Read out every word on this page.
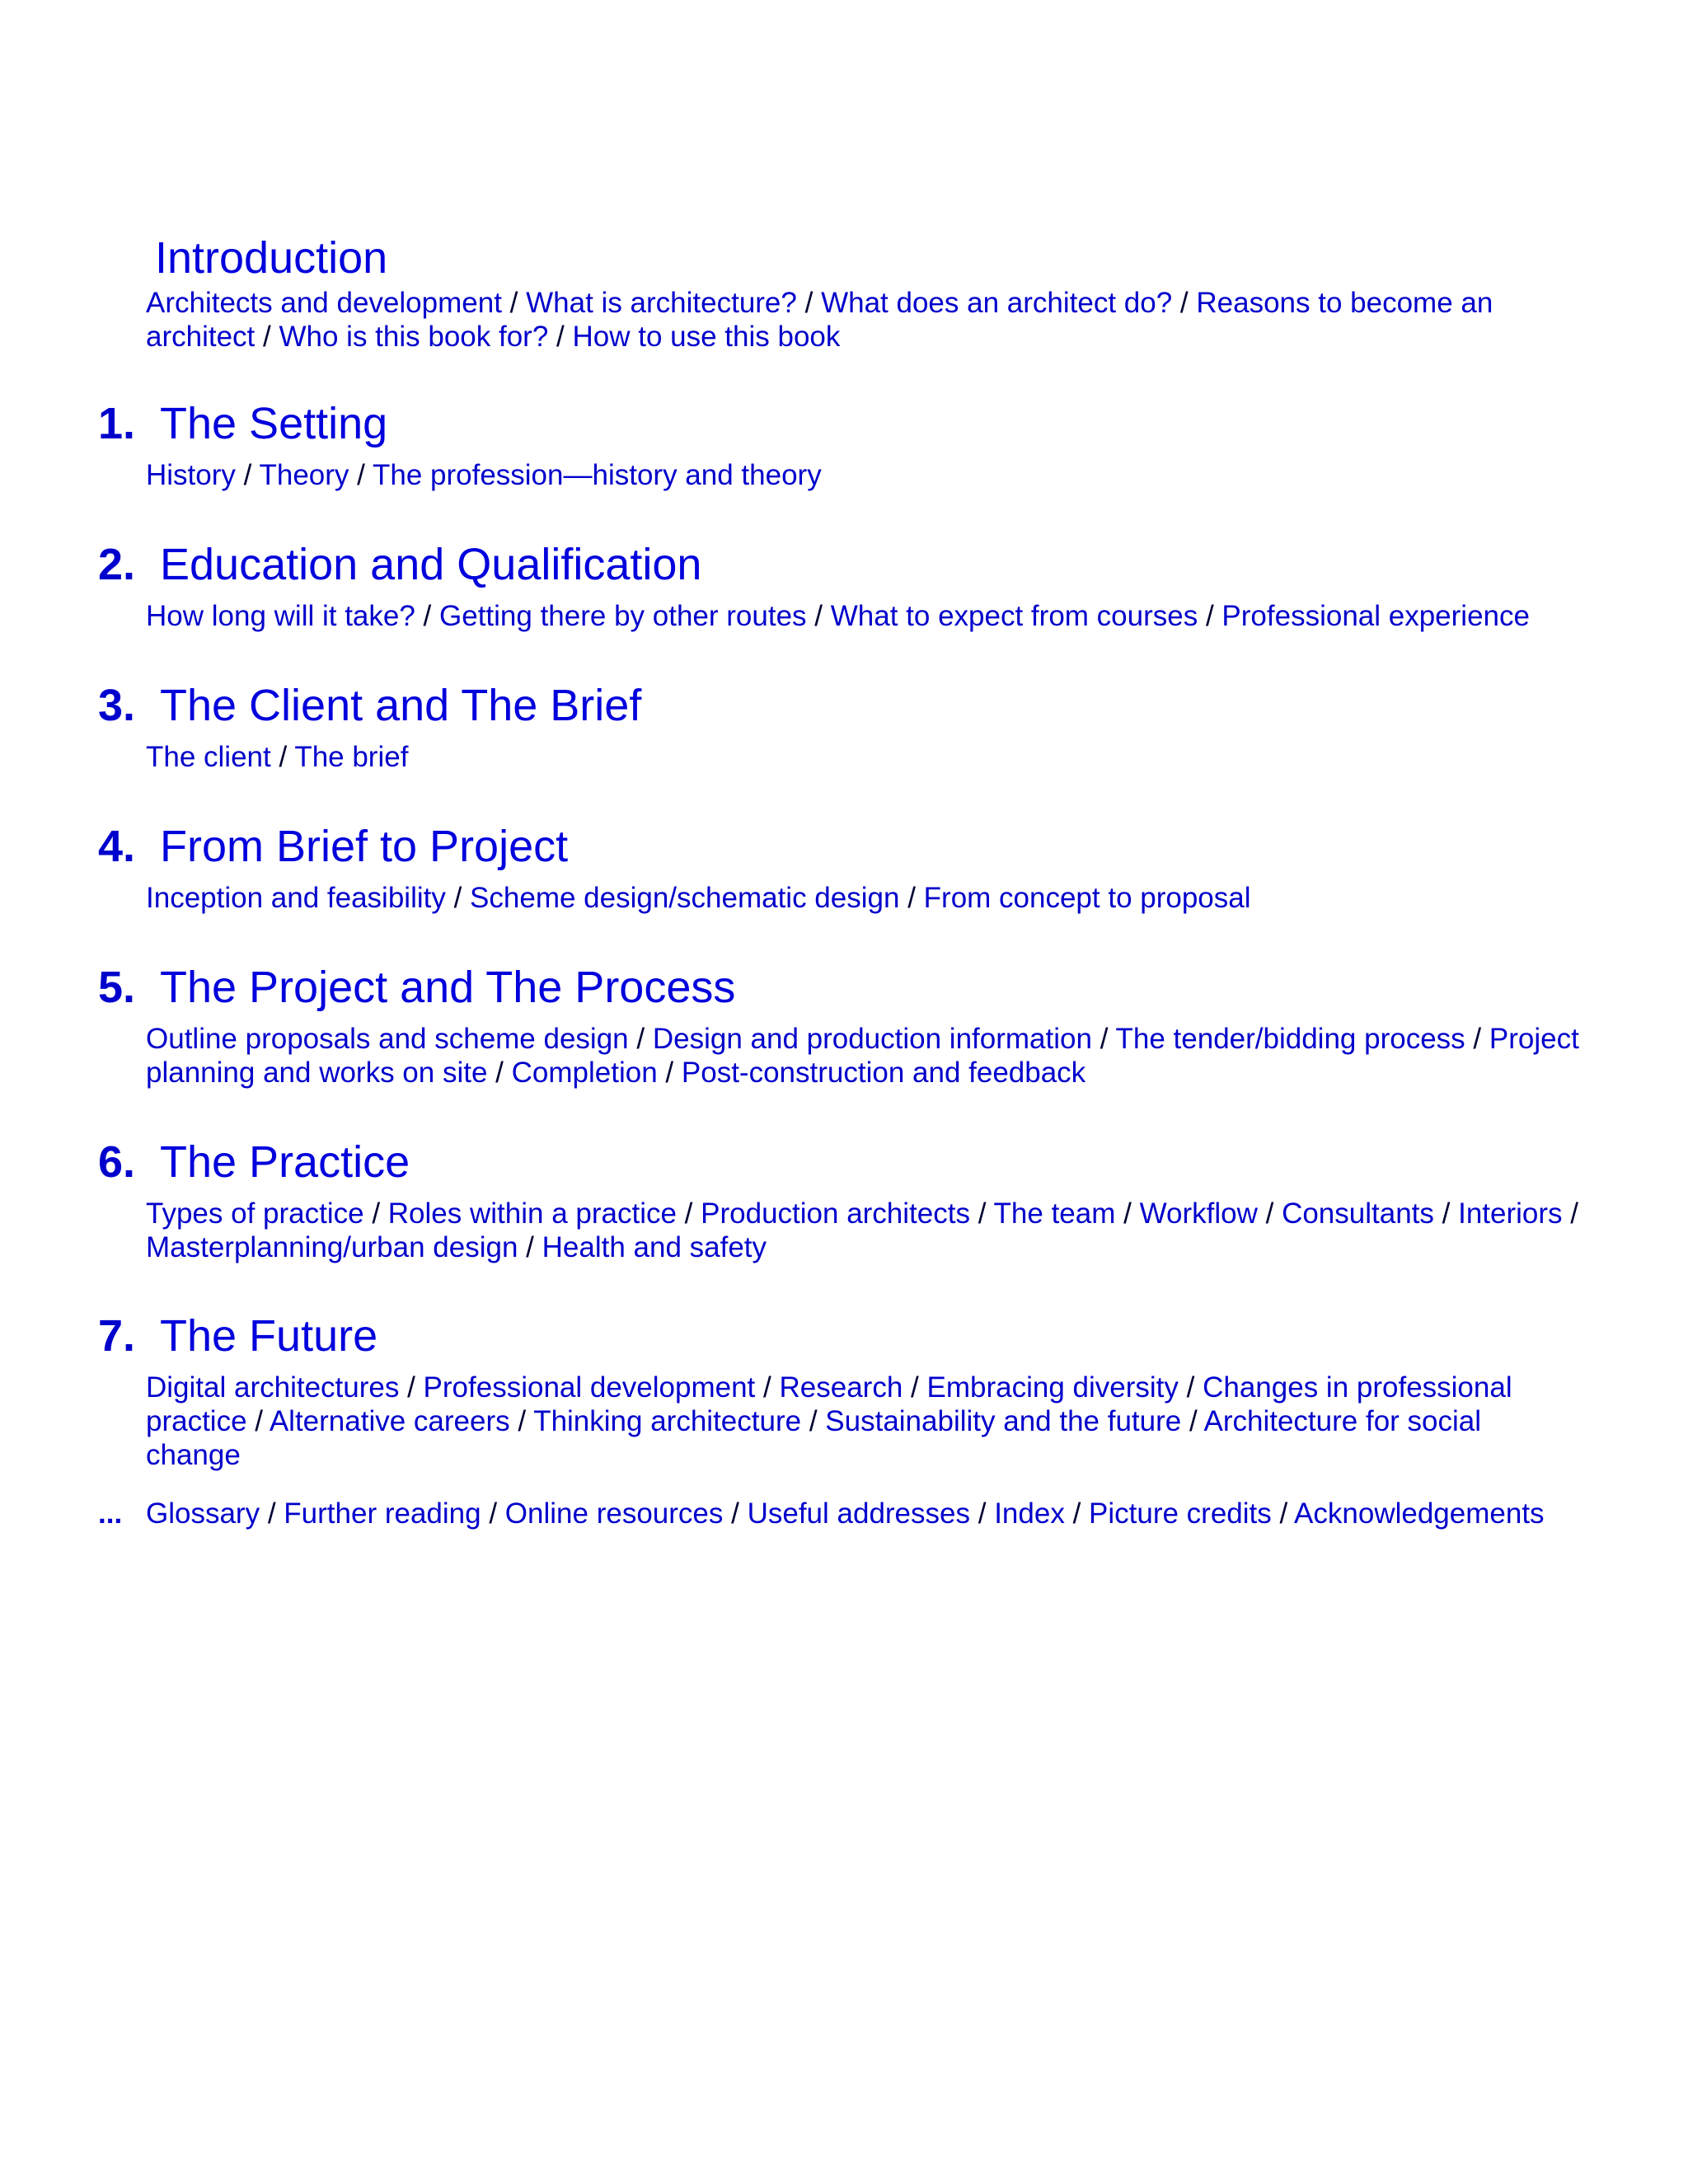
Introduction
Architects and development / What is architecture? / What does an architect do? / Reasons to become an architect / Who is this book for? / How to use this book
1. The Setting
History / Theory / The profession—history and theory
2. Education and Qualification
How long will it take? / Getting there by other routes / What to expect from courses / Professional experience
3. The Client and The Brief
The client / The brief
4. From Brief to Project
Inception and feasibility / Scheme design/schematic design / From concept to proposal
5. The Project and The Process
Outline proposals and scheme design / Design and production information / The tender/bidding process / Project planning and works on site / Completion / Post-construction and feedback
6. The Practice
Types of practice / Roles within a practice / Production architects / The team / Workflow / Consultants / Interiors / Masterplanning/urban design / Health and safety
7. The Future
Digital architectures / Professional development / Research / Embracing diversity / Changes in professional practice / Alternative careers / Thinking architecture / Sustainability and the future / Architecture for social change
... Glossary / Further reading / Online resources / Useful addresses / Index / Picture credits / Acknowledgements
